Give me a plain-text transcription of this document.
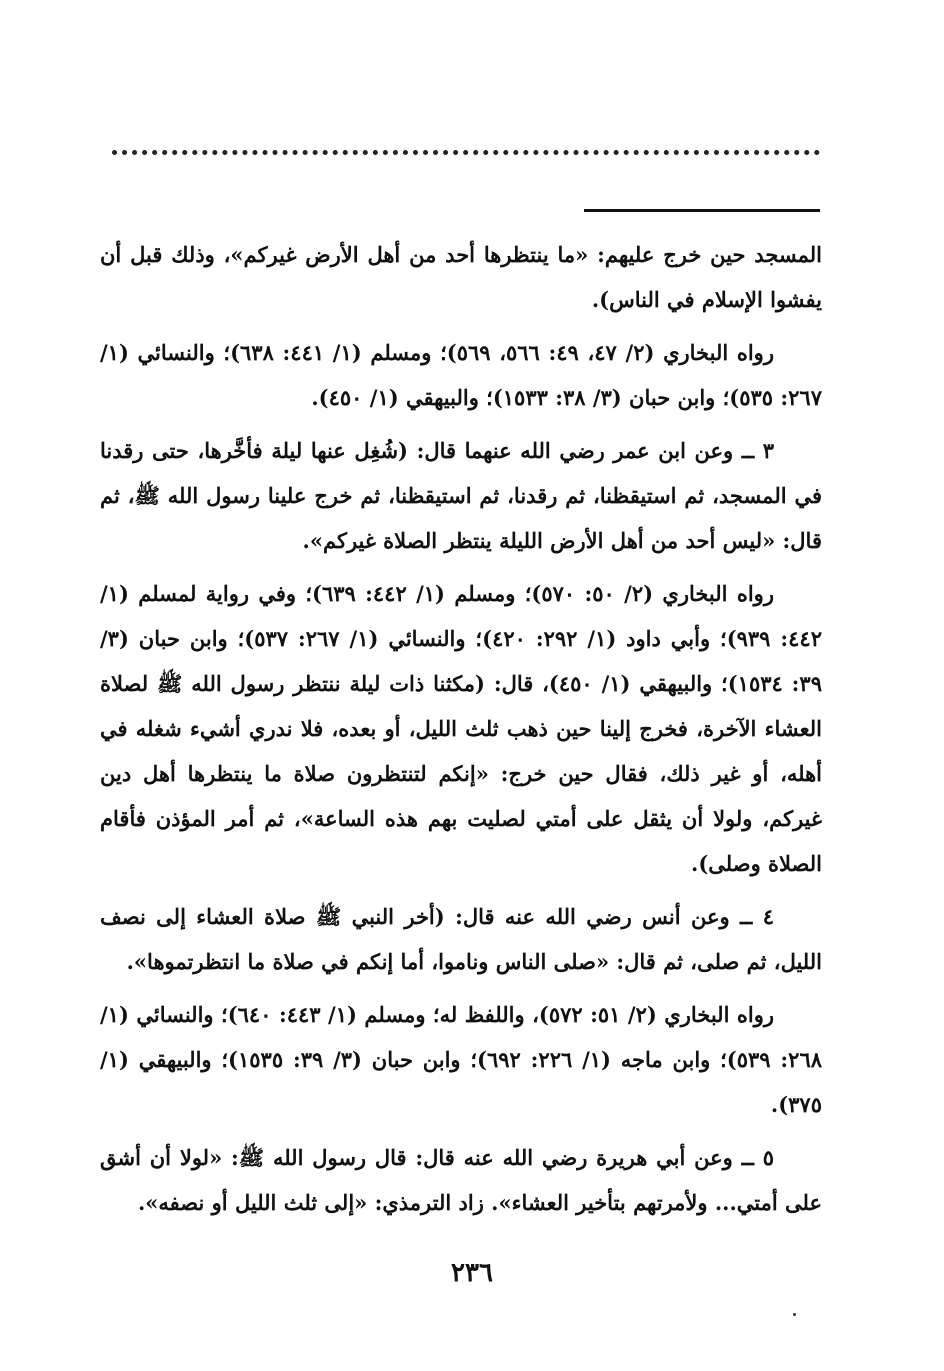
المسجد حين خرج عليهم: «ما ينتظرها أحد من أهل الأرض غيركم»، وذلك قبل أن يفشوا الإسلام في الناس).

رواه البخاري (٢/ ٤٧، ٤٩: ٥٦٦، ٥٦٩)؛ ومسلم (١/ ٤٤١: ٦٣٨)؛ والنسائي (١/ ٢٦٧: ٥٣٥)؛ وابن حبان (٣/ ٣٨: ١٥٣٣)؛ والبيهقي (١/ ٤٥٠).

٣ ــ وعن ابن عمر رضي الله عنهما قال: (شُغِل عنها ليلة فأخَّرها، حتى رقدنا في المسجد، ثم استيقظنا، ثم رقدنا، ثم استيقظنا، ثم خرج علينا رسول الله ﷺ، ثم قال: «ليس أحد من أهل الأرض الليلة ينتظر الصلاة غيركم».

رواه البخاري (٢/ ٥٠: ٥٧٠)؛ ومسلم (١/ ٤٤٢: ٦٣٩)؛ وفي رواية لمسلم (١/ ٤٤٢: ٩٣٩)؛ وأبي داود (١/ ٢٩٢: ٤٢٠)؛ والنسائي (١/ ٢٦٧: ٥٣٧)؛ وابن حبان (٣/ ٣٩: ١٥٣٤)؛ والبيهقي (١/ ٤٥٠)، قال: (مكثنا ذات ليلة ننتظر رسول الله ﷺ لصلاة العشاء الآخرة، فخرج إلينا حين ذهب ثلث الليل، أو بعده، فلا ندري أشيء شغله في أهله، أو غير ذلك، فقال حين خرج: «إنكم لتنتظرون صلاة ما ينتظرها أهل دين غيركم، ولولا أن يثقل على أمتي لصليت بهم هذه الساعة»، ثم أمر المؤذن فأقام الصلاة وصلى).

٤ ــ وعن أنس رضي الله عنه قال: (أخر النبي ﷺ صلاة العشاء إلى نصف الليل، ثم صلى، ثم قال: «صلى الناس وناموا، أما إنكم في صلاة ما انتظرتموها».

رواه البخاري (٢/ ٥١: ٥٧٢)، واللفظ له؛ ومسلم (١/ ٤٤٣: ٦٤٠)؛ والنسائي (١/ ٢٦٨: ٥٣٩)؛ وابن ماجه (١/ ٢٢٦: ٦٩٢)؛ وابن حبان (٣/ ٣٩: ١٥٣٥)؛ والبيهقي (١/ ٣٧٥).

٥ ــ وعن أبي هريرة رضي الله عنه قال: قال رسول الله ﷺ: «لولا أن أشق على أمتي... ولأمرتهم بتأخير العشاء». زاد الترمذي: «إلى ثلث الليل أو نصفه».

٢٣٦
